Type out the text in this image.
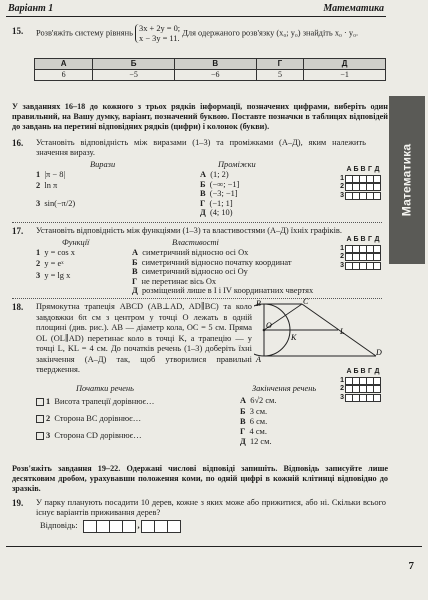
Варіант 1	Математика
Математика
15. Розв'яжіть систему рівнянь
3x + 2y = 0;
x − 3y = 11.
Для одержаного розв'язку (x₀; y₀) знайдіть x₀ · y₀.
А	Б	В	Г	Д
6	−5	−6	5	−1
У завданнях 16–18 до кожного з трьох рядків інформації, позначених цифрами, виберіть один правильний, на Вашу думку, варіант, позначений буквою. Поставте позначки в таблицях відповідей до завдань на перетині відповідних рядків (цифри) і колонок (букви).
16. Установіть відповідність між виразами (1–3) та проміжками (А–Д), яким належить значення виразу.
Вирази	Проміжки
1 |π − 8|
2 ln π
3 sin(−π/2)
А (1; 2)
Б (−∞; −1]
В (−3; −1]
Г (−1; 1]
Д (4; 10)
А Б В Г Д
1
2
3
17. Установіть відповідність між функціями (1–3) та властивостями (А–Д) їхніх графіків.
Функції	Властивості
1 y = cos x
2 y = eˣ
3 y = lg x
А симетричний відносно осі Ox
Б симетричний відносно початку координат
В симетричний відносно осі Oy
Г не перетинає вісь Ox
Д розміщений лише в I і IV координатних чвертях
А Б В Г Д
1
2
3
18. Прямокутна трапеція ABCD (AB⊥AD, AD∥BC) та коло завдовжки 6π см з центром у точці O лежать в одній площині (див. рис.). AB — діаметр кола, OC = 5 см. Пряма OL (OL∥AD) перетинає коло в точці K, а трапецію — у точці L, KL = 4 см. До початків речень (1–3) доберіть їхні закінчення (А–Д) так, щоб утворилися правильні твердження.
B	C
A
D
O
K
L
А Б В Г Д
1
2
3
Початки речень	Закінчення речень
1 Висота трапеції дорівнює…
2 Сторона BC дорівнює…
3 Сторона CD дорівнює…
А 6√2 см.
Б 3 см.
В 6 см.
Г 4 см.
Д 12 см.
Розв'яжіть завдання 19–22. Одержані числові відповіді запишіть. Відповідь записуйте лише десятковим дробом, урахувавши положення коми, по одній цифрі в кожній клітинці відповідно до зразків.
19. У парку планують посадити 10 дерев, кожне з яких може або прижитися, або ні. Скільки всього існує варіантів приживання дерев?
Відповідь:	,
7
